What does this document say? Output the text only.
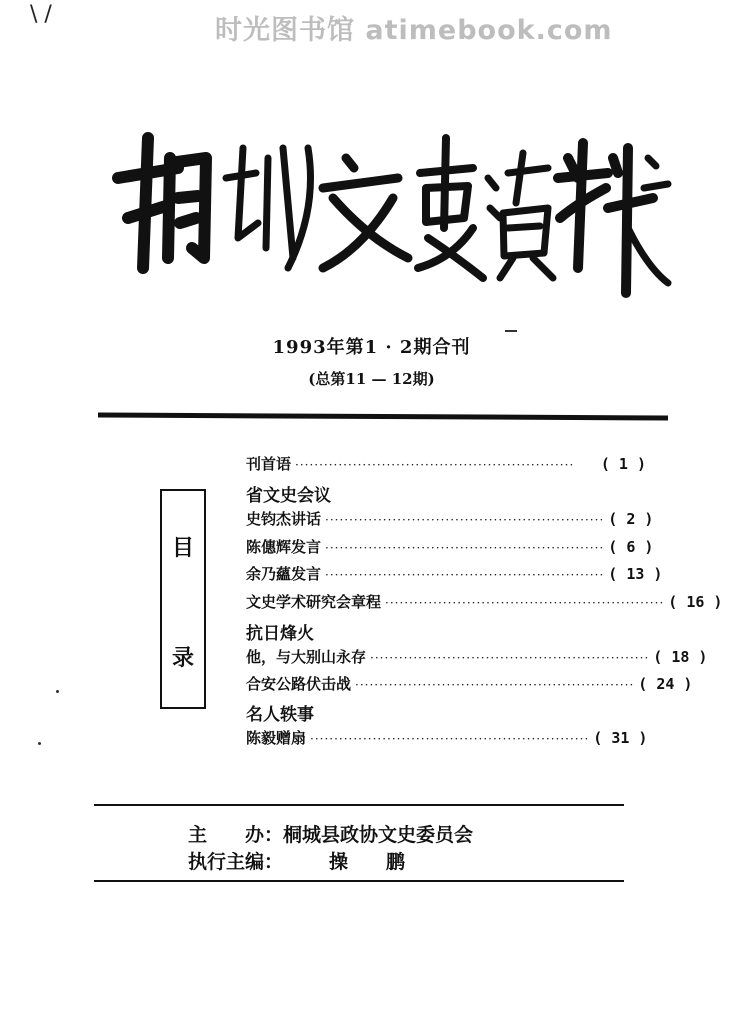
时光图书馆 atimebook.com
\ /
1993年第1 · 2期合刊
(总第11 — 12期)
目
录
刊首语 ··························································	( 1 )
省文史会议
史钧杰讲话 ·························································· ( 2 )
陈僡辉发言 ·························································· ( 6 )
余乃蘊发言 ·························································· ( 13 )
文史学术研究会章程 ·························································· ( 16 )
抗日烽火
他，与大别山永存 ·························································· ( 18 )
合安公路伏击战 ·························································· ( 24 )
名人轶事
陈毅赠扇 ·························································· ( 31 )
主　　办：桐城县政协文史委员会
执行主编： 操　　鹏
